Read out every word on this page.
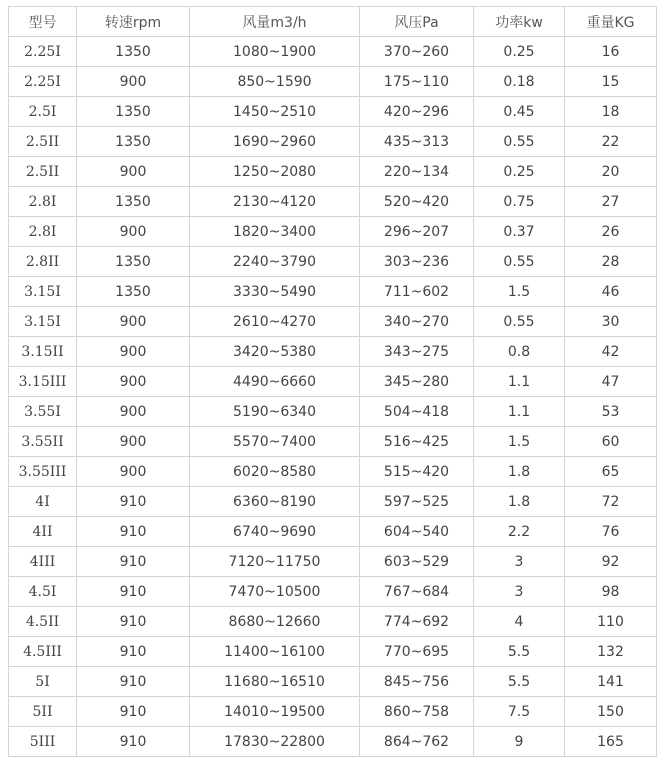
型号	转速rpm	风量m3/h	风压Pa	功率kw	重量KG
2.25I	1350	1080~1900	370~260	0.25	16
2.25I	900	850~1590	175~110	0.18	15
2.5I	1350	1450~2510	420~296	0.45	18
2.5II	1350	1690~2960	435~313	0.55	22
2.5II	900	1250~2080	220~134	0.25	20
2.8I	1350	2130~4120	520~420	0.75	27
2.8I	900	1820~3400	296~207	0.37	26
2.8II	1350	2240~3790	303~236	0.55	28
3.15I	1350	3330~5490	711~602	1.5	46
3.15I	900	2610~4270	340~270	0.55	30
3.15II	900	3420~5380	343~275	0.8	42
3.15III	900	4490~6660	345~280	1.1	47
3.55I	900	5190~6340	504~418	1.1	53
3.55II	900	5570~7400	516~425	1.5	60
3.55III	900	6020~8580	515~420	1.8	65
4I	910	6360~8190	597~525	1.8	72
4II	910	6740~9690	604~540	2.2	76
4III	910	7120~11750	603~529	3	92
4.5I	910	7470~10500	767~684	3	98
4.5II	910	8680~12660	774~692	4	110
4.5III	910	11400~16100	770~695	5.5	132
5I	910	11680~16510	845~756	5.5	141
5II	910	14010~19500	860~758	7.5	150
5III	910	17830~22800	864~762	9	165
